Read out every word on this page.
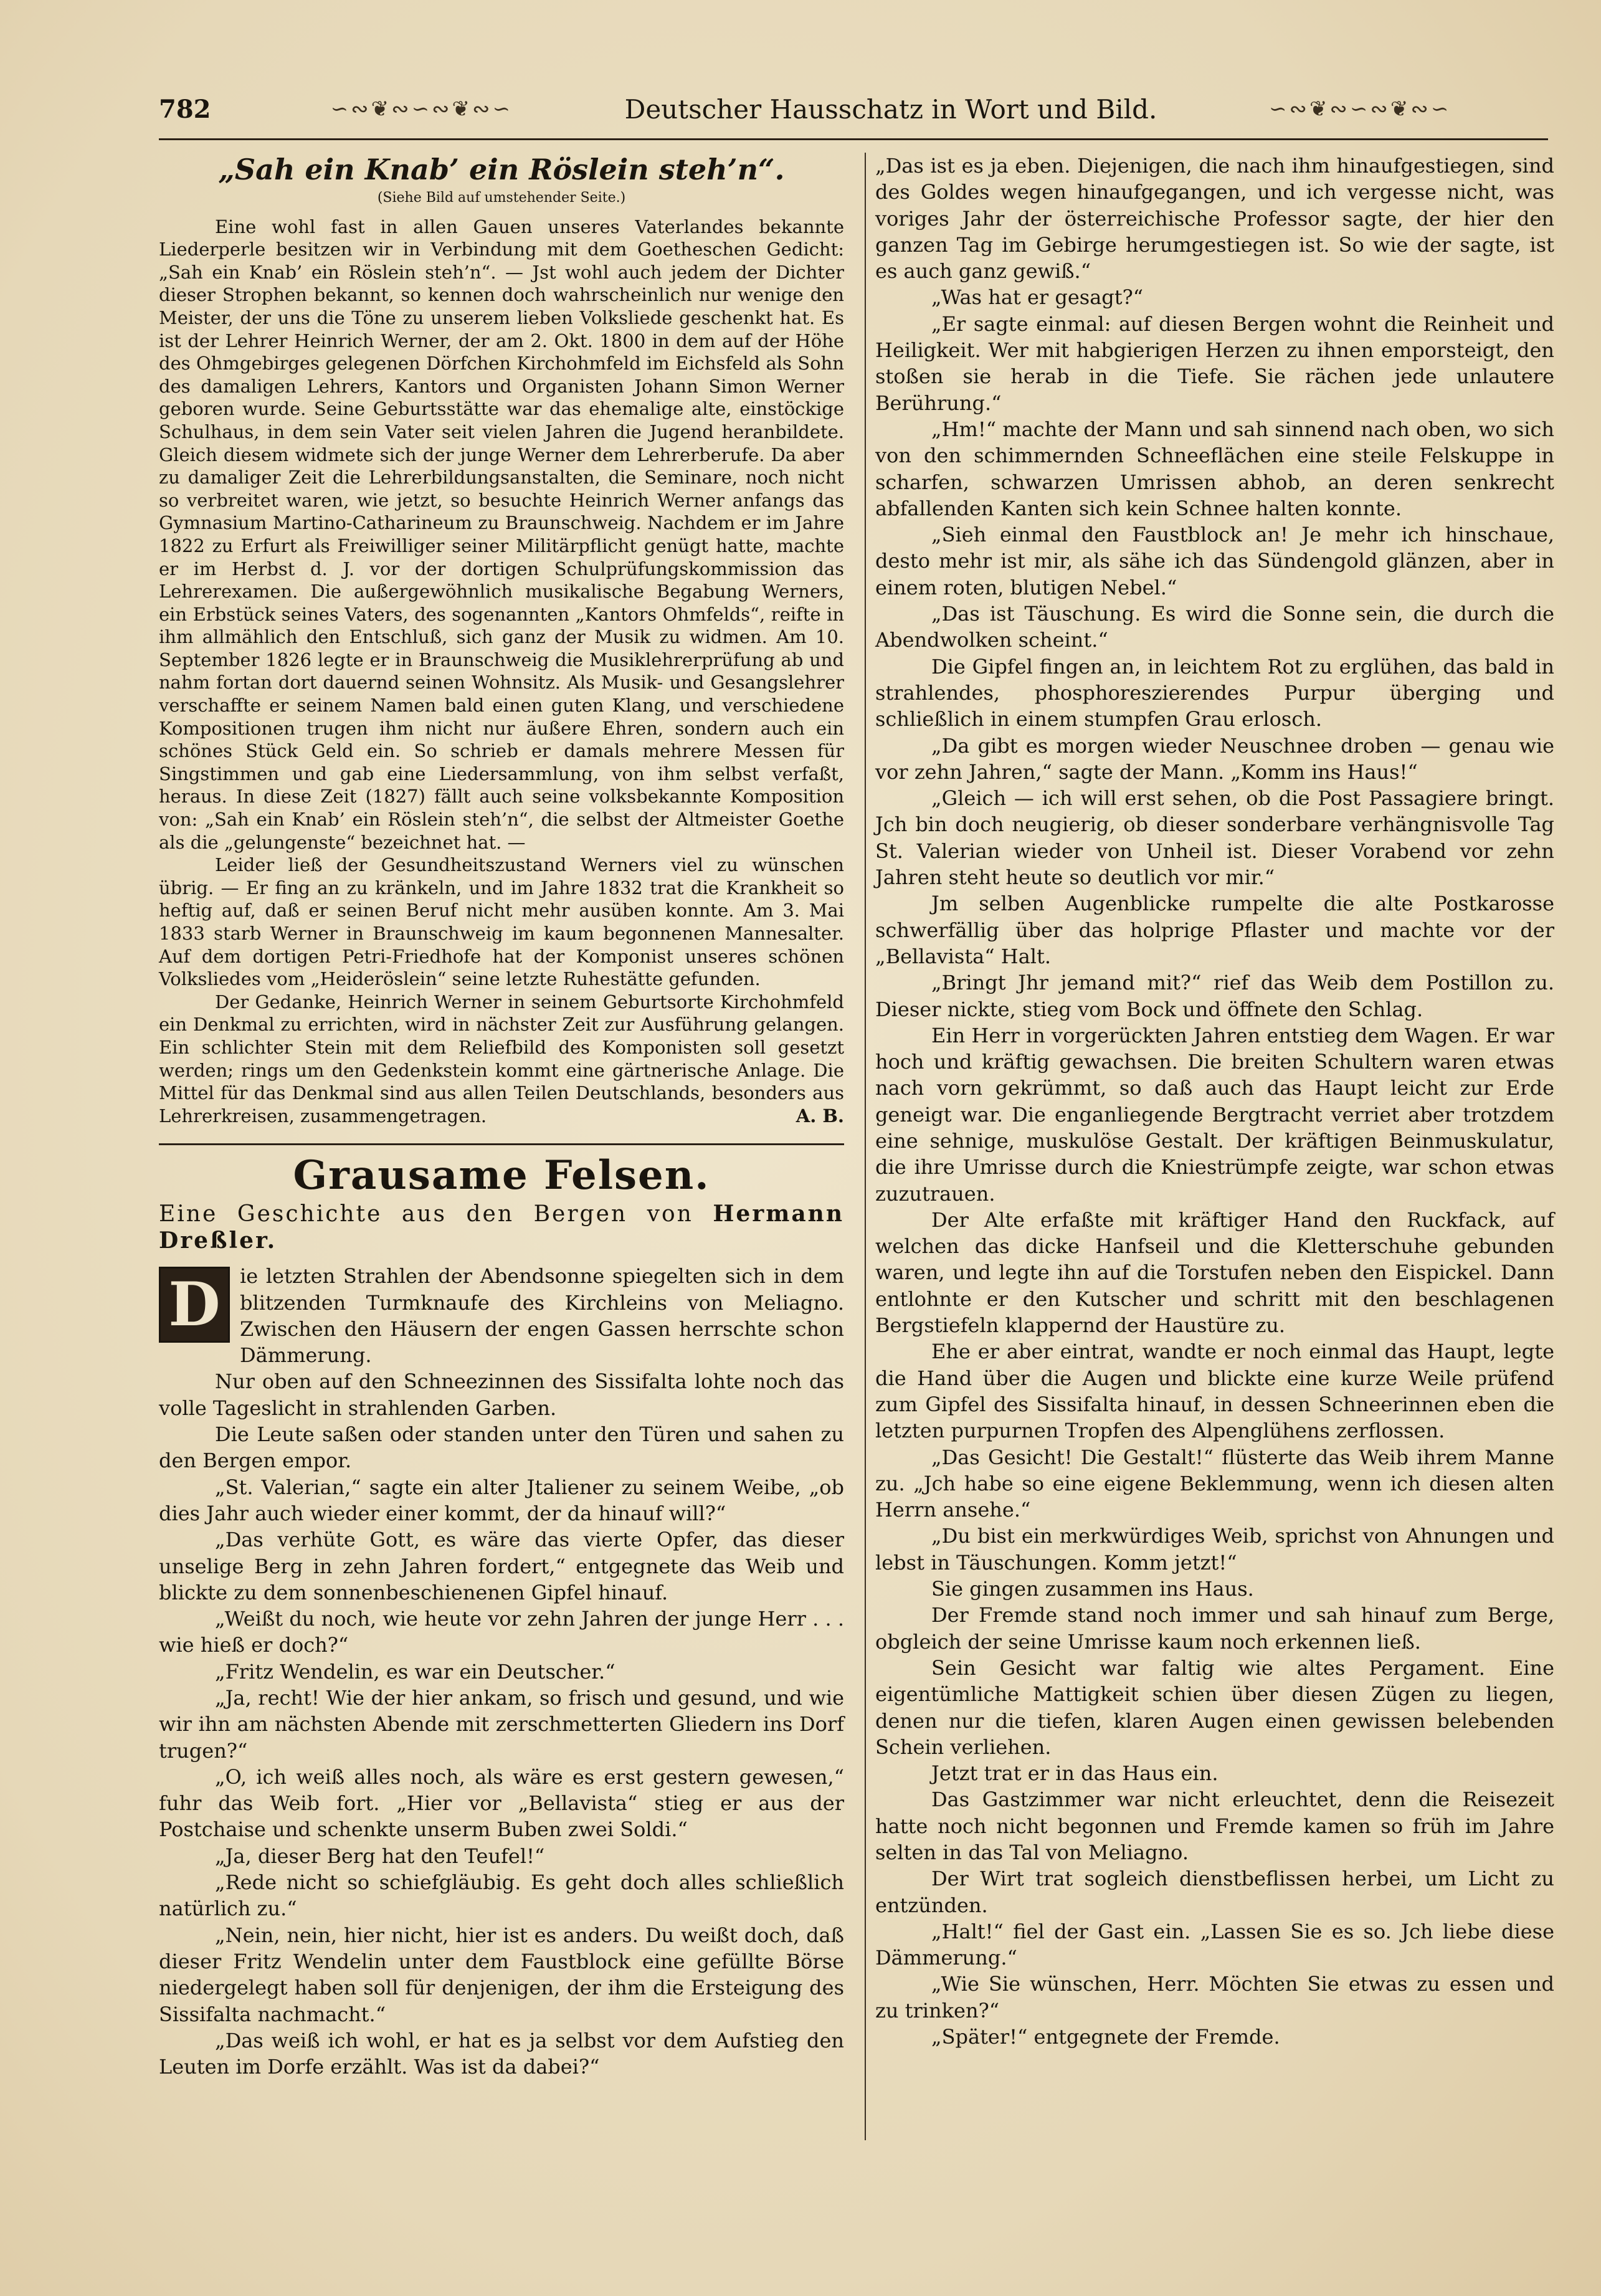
782	∽∾❦∾∽∾❦∾∽	Deutscher Hausschatz in Wort und Bild.	∽∾❦∾∽∾❦∾∽
„Sah ein Knab’ ein Röslein steh’n“.
(Siehe Bild auf umstehender Seite.)

Eine wohl fast in allen Gauen unseres Vaterlandes bekannte Liederperle besitzen wir in Verbindung mit dem Goetheschen Gedicht: „Sah ein Knab’ ein Röslein steh’n“. — Jst wohl auch jedem der Dichter dieser Strophen bekannt, so kennen doch wahrscheinlich nur wenige den Meister, der uns die Töne zu unserem lieben Volksliede geschenkt hat. Es ist der Lehrer Heinrich Werner, der am 2. Okt. 1800 in dem auf der Höhe des Ohmgebirges gelegenen Dörfchen Kirchohmfeld im Eichsfeld als Sohn des damaligen Lehrers, Kantors und Organisten Johann Simon Werner geboren wurde. Seine Geburtsstätte war das ehemalige alte, einstöckige Schulhaus, in dem sein Vater seit vielen Jahren die Jugend heranbildete. Gleich diesem widmete sich der junge Werner dem Lehrerberufe. Da aber zu damaliger Zeit die Lehrerbildungsanstalten, die Seminare, noch nicht so verbreitet waren, wie jetzt, so besuchte Heinrich Werner anfangs das Gymnasium Martino-Catharineum zu Braunschweig. Nachdem er im Jahre 1822 zu Erfurt als Freiwilliger seiner Militärpflicht genügt hatte, machte er im Herbst d. J. vor der dortigen Schulprüfungskommission das Lehrerexamen. Die außergewöhnlich musikalische Begabung Werners, ein Erbstück seines Vaters, des sogenannten „Kantors Ohmfelds“, reifte in ihm allmählich den Entschluß, sich ganz der Musik zu widmen. Am 10. September 1826 legte er in Braunschweig die Musiklehrerprüfung ab und nahm fortan dort dauernd seinen Wohnsitz. Als Musik- und Gesangslehrer verschaffte er seinem Namen bald einen guten Klang, und verschiedene Kompositionen trugen ihm nicht nur äußere Ehren, sondern auch ein schönes Stück Geld ein. So schrieb er damals mehrere Messen für Singstimmen und gab eine Liedersammlung, von ihm selbst verfaßt, heraus. In diese Zeit (1827) fällt auch seine volksbekannte Komposition von: „Sah ein Knab’ ein Röslein steh’n“, die selbst der Altmeister Goethe als die „gelungenste“ bezeichnet hat. —

Leider ließ der Gesundheitszustand Werners viel zu wünschen übrig. — Er fing an zu kränkeln, und im Jahre 1832 trat die Krankheit so heftig auf, daß er seinen Beruf nicht mehr ausüben konnte. Am 3. Mai 1833 starb Werner in Braunschweig im kaum begonnenen Mannesalter. Auf dem dortigen Petri-Friedhofe hat der Komponist unseres schönen Volksliedes vom „Heideröslein“ seine letzte Ruhestätte gefunden.

Der Gedanke, Heinrich Werner in seinem Geburtsorte Kirchohmfeld ein Denkmal zu errichten, wird in nächster Zeit zur Ausführung gelangen. Ein schlichter Stein mit dem Reliefbild des Komponisten soll gesetzt werden; rings um den Gedenkstein kommt eine gärtnerische Anlage. Die Mittel für das Denkmal sind aus allen Teilen Deutschlands, besonders aus Lehrerkreisen, zusammengetragen.	A. B.

Grausame Felsen.
Eine Geschichte aus den Bergen von Hermann Dreßler.

D ie letzten Strahlen der Abendsonne spiegelten sich in dem blitzenden Turmknaufe des Kirchleins von Meliagno. Zwischen den Häusern der engen Gassen herrschte schon Dämmerung.

Nur oben auf den Schneezinnen des Sissifalta lohte noch das volle Tageslicht in strahlenden Garben.

Die Leute saßen oder standen unter den Türen und sahen zu den Bergen empor.

„St. Valerian,“ sagte ein alter Jtaliener zu seinem Weibe, „ob dies Jahr auch wieder einer kommt, der da hinauf will?“

„Das verhüte Gott, es wäre das vierte Opfer, das dieser unselige Berg in zehn Jahren fordert,“ entgegnete das Weib und blickte zu dem sonnenbeschienenen Gipfel hinauf.

„Weißt du noch, wie heute vor zehn Jahren der junge Herr . . . wie hieß er doch?“

„Fritz Wendelin, es war ein Deutscher.“

„Ja, recht! Wie der hier ankam, so frisch und gesund, und wie wir ihn am nächsten Abende mit zerschmetterten Gliedern ins Dorf trugen?“

„O, ich weiß alles noch, als wäre es erst gestern gewesen,“ fuhr das Weib fort. „Hier vor „Bellavista“ stieg er aus der Postchaise und schenkte unserm Buben zwei Soldi.“

„Ja, dieser Berg hat den Teufel!“

„Rede nicht so schiefgläubig. Es geht doch alles schließlich natürlich zu.“

„Nein, nein, hier nicht, hier ist es anders. Du weißt doch, daß dieser Fritz Wendelin unter dem Faustblock eine gefüllte Börse niedergelegt haben soll für denjenigen, der ihm die Ersteigung des Sissifalta nachmacht.“

„Das weiß ich wohl, er hat es ja selbst vor dem Aufstieg den Leuten im Dorfe erzählt. Was ist da dabei?“

„Das ist es ja eben. Diejenigen, die nach ihm hinaufgestiegen, sind des Goldes wegen hinaufgegangen, und ich vergesse nicht, was voriges Jahr der österreichische Professor sagte, der hier den ganzen Tag im Gebirge herumgestiegen ist. So wie der sagte, ist es auch ganz gewiß.“

„Was hat er gesagt?“

„Er sagte einmal: auf diesen Bergen wohnt die Reinheit und Heiligkeit. Wer mit habgierigen Herzen zu ihnen emporsteigt, den stoßen sie herab in die Tiefe. Sie rächen jede unlautere Berührung.“

„Hm!“ machte der Mann und sah sinnend nach oben, wo sich von den schimmernden Schneeflächen eine steile Felskuppe in scharfen, schwarzen Umrissen abhob, an deren senkrecht abfallenden Kanten sich kein Schnee halten konnte.

„Sieh einmal den Faustblock an! Je mehr ich hinschaue, desto mehr ist mir, als sähe ich das Sündengold glänzen, aber in einem roten, blutigen Nebel.“

„Das ist Täuschung. Es wird die Sonne sein, die durch die Abendwolken scheint.“

Die Gipfel fingen an, in leichtem Rot zu erglühen, das bald in strahlendes, phosphoreszierendes Purpur überging und schließlich in einem stumpfen Grau erlosch.

„Da gibt es morgen wieder Neuschnee droben — genau wie vor zehn Jahren,“ sagte der Mann. „Komm ins Haus!“

„Gleich — ich will erst sehen, ob die Post Passagiere bringt. Jch bin doch neugierig, ob dieser sonderbare verhängnisvolle Tag St. Valerian wieder von Unheil ist. Dieser Vorabend vor zehn Jahren steht heute so deutlich vor mir.“

Jm selben Augenblicke rumpelte die alte Postkarosse schwerfällig über das holprige Pflaster und machte vor der „Bellavista“ Halt.

„Bringt Jhr jemand mit?“ rief das Weib dem Postillon zu. Dieser nickte, stieg vom Bock und öffnete den Schlag.

Ein Herr in vorgerückten Jahren entstieg dem Wagen. Er war hoch und kräftig gewachsen. Die breiten Schultern waren etwas nach vorn gekrümmt, so daß auch das Haupt leicht zur Erde geneigt war. Die enganliegende Bergtracht verriet aber trotzdem eine sehnige, muskulöse Gestalt. Der kräftigen Beinmuskulatur, die ihre Umrisse durch die Kniestrümpfe zeigte, war schon etwas zuzutrauen.

Der Alte erfaßte mit kräftiger Hand den Ruckfack, auf welchen das dicke Hanfseil und die Kletterschuhe gebunden waren, und legte ihn auf die Torstufen neben den Eispickel. Dann entlohnte er den Kutscher und schritt mit den beschlagenen Bergstiefeln klappernd der Haustüre zu.

Ehe er aber eintrat, wandte er noch einmal das Haupt, legte die Hand über die Augen und blickte eine kurze Weile prüfend zum Gipfel des Sissifalta hinauf, in dessen Schneerinnen eben die letzten purpurnen Tropfen des Alpenglühens zerflossen.

„Das Gesicht! Die Gestalt!“ flüsterte das Weib ihrem Manne zu. „Jch habe so eine eigene Beklemmung, wenn ich diesen alten Herrn ansehe.“

„Du bist ein merkwürdiges Weib, sprichst von Ahnungen und lebst in Täuschungen. Komm jetzt!“

Sie gingen zusammen ins Haus.

Der Fremde stand noch immer und sah hinauf zum Berge, obgleich der seine Umrisse kaum noch erkennen ließ.

Sein Gesicht war faltig wie altes Pergament. Eine eigentümliche Mattigkeit schien über diesen Zügen zu liegen, denen nur die tiefen, klaren Augen einen gewissen belebenden Schein verliehen.

Jetzt trat er in das Haus ein.

Das Gastzimmer war nicht erleuchtet, denn die Reisezeit hatte noch nicht begonnen und Fremde kamen so früh im Jahre selten in das Tal von Meliagno.

Der Wirt trat sogleich dienstbeflissen herbei, um Licht zu entzünden.

„Halt!“ fiel der Gast ein. „Lassen Sie es so. Jch liebe diese Dämmerung.“

„Wie Sie wünschen, Herr. Möchten Sie etwas zu essen und zu trinken?“

„Später!“ entgegnete der Fremde.
